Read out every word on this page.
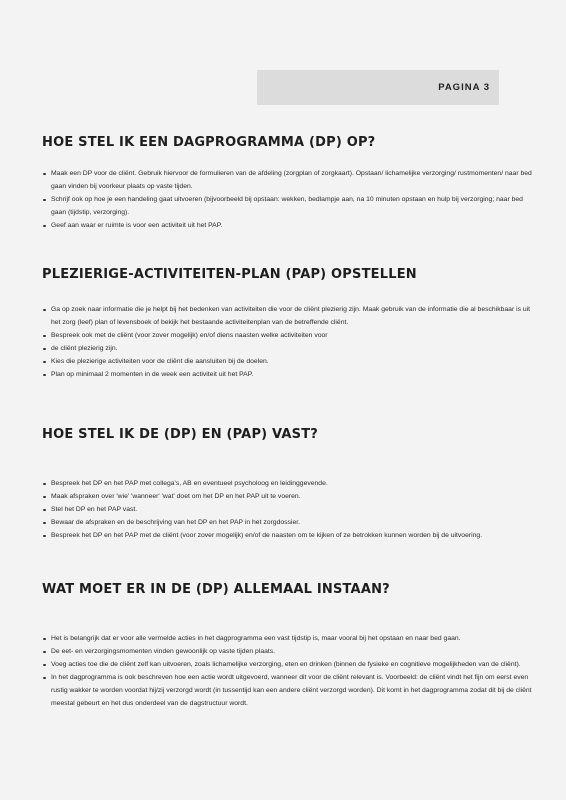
PAGINA 3
HOE STEL IK EEN DAGPROGRAMMA (DP) OP?
Maak een DP voor de cliënt. Gebruik hiervoor de formulieren van de afdeling (zorgplan of zorgkaart). Opstaan/ lichamelijke verzorging/ rustmomenten/ naar bed gaan vinden bij voorkeur plaats op vaste tijden.
Schrijf ook op hoe je een handeling gaat uitvoeren (bijvoorbeeld bij opstaan: wekken, bedlampje aan, na 10 minuten opstaan en hulp bij verzorging; naar bed gaan (tijdstip, verzorging).
Geef aan waar er ruimte is voor een activiteit uit het PAP.
PLEZIERIGE-ACTIVITEITEN-PLAN (PAP) OPSTELLEN
Ga op zoek naar informatie die je helpt bij het bedenken van activiteiten die voor de cliënt plezierig zijn. Maak gebruik van de informatie die al beschikbaar is uit het zorg (leef) plan of levensboek of bekijk het bestaande activiteitenplan van de betreffende cliënt.
Bespreek ook met de cliënt (voor zover mogelijk) en/of diens naasten welke activiteiten voor
de cliënt plezierig zijn.
Kies die plezierige activiteiten voor de cliënt die aansluiten bij de doelen.
Plan op minimaal 2 momenten in de week een activiteit uit het PAP.
HOE STEL IK DE (DP) EN (PAP) VAST?
Bespreek het DP en het PAP met collega's, AB en eventueel psycholoog en leidinggevende.
Maak afspraken over 'wie' 'wanneer' 'wat' doet om het DP en het PAP uit te voeren.
Stel het DP en het PAP vast.
Bewaar de afspraken en de beschrijving van het DP en het PAP in het zorgdossier.
Bespreek het DP en het PAP met de cliënt (voor zover mogelijk) en/of de naasten om te kijken of ze betrokken kunnen worden bij de uitvoering.
WAT MOET ER IN DE (DP) ALLEMAAL INSTAAN?
Het is belangrijk dat er voor alle vermelde acties in het dagprogramma een vast tijdstip is, maar vooral bij het opstaan en naar bed gaan.
De eet- en verzorgingsmomenten vinden gewoonlijk op vaste tijden plaats.
Voeg acties toe die de cliënt zelf kan uitvoeren, zoals lichamelijke verzorging, eten en drinken (binnen de fysieke en cognitieve mogelijkheden van de cliënt).
In het dagprogramma is ook beschreven hoe een actie wordt uitgevoerd, wanneer dit voor de cliënt relevant is. Voorbeeld: de cliënt vindt het fijn om eerst even rustig wakker te worden voordat hij/zij verzorgd wordt (in tussentijd kan een andere cliënt verzorgd worden). Dit komt in het dagprogramma zodat dit bij de cliënt meestal gebeurt en het dus onderdeel van de dagstructuur wordt.
